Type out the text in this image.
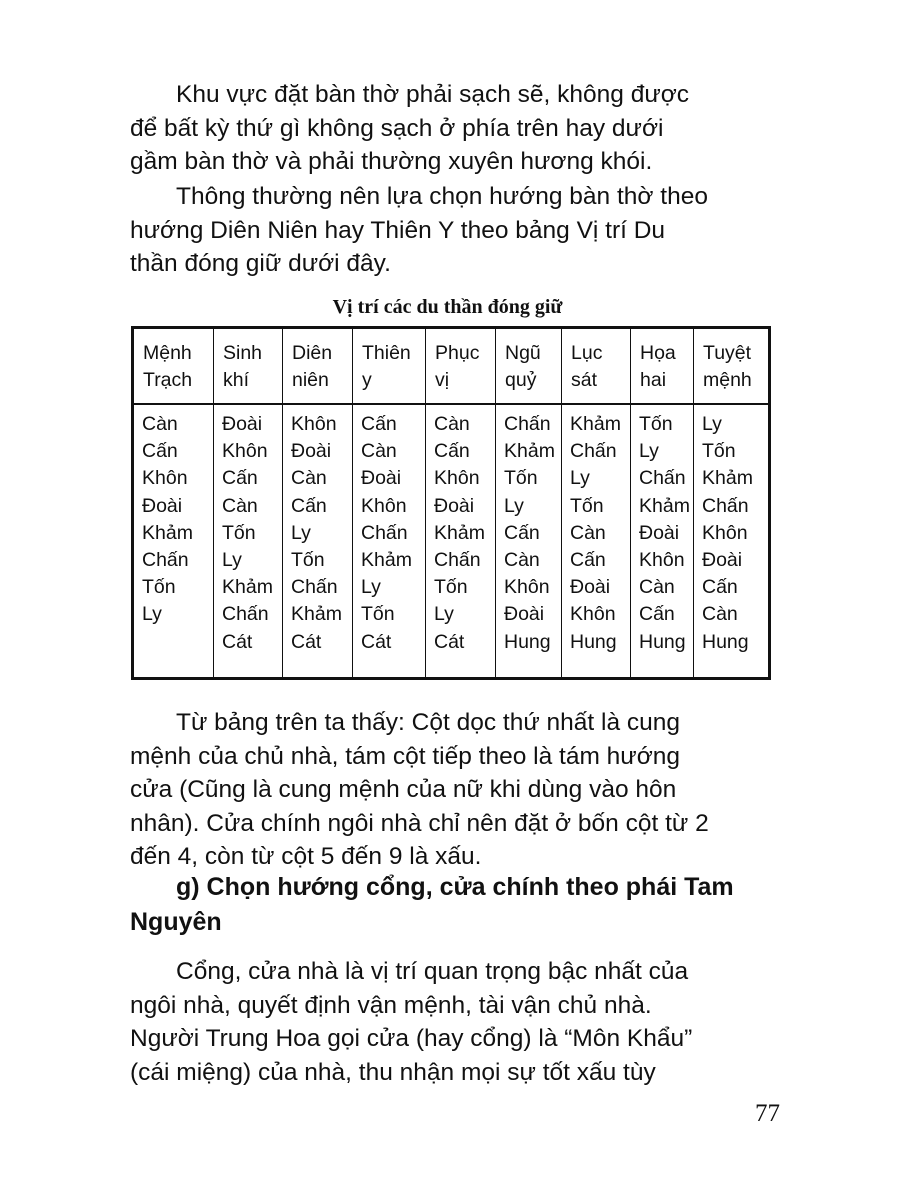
Khu vực đặt bàn thờ phải sạch sẽ, không được
để bất kỳ thứ gì không sạch ở phía trên hay dưới
gầm bàn thờ và phải thường xuyên hương khói.

Thông thường nên lựa chọn hướng bàn thờ theo
hướng Diên Niên hay Thiên Y theo bảng Vị trí Du
thần đóng giữ dưới đây.

Vị trí các du thần đóng giữ
Mệnh
Trạch
Càn
Cấn
Khôn
Đoài
Khảm
Chấn
Tốn
Ly
Sinh
khí
Đoài
Khôn
Cấn
Càn
Tốn
Ly
Khảm
Chấn
Cát
Diên
niên
Khôn
Đoài
Càn
Cấn
Ly
Tốn
Chấn
Khảm
Cát
Thiên
y
Cấn
Càn
Đoài
Khôn
Chấn
Khảm
Ly
Tốn
Cát
Phục
vị
Càn
Cấn
Khôn
Đoài
Khảm
Chấn
Tốn
Ly
Cát
Ngũ
quỷ
Chấn
Khảm
Tốn
Ly
Cấn
Càn
Khôn
Đoài
Hung
Lục
sát
Khảm
Chấn
Ly
Tốn
Càn
Cấn
Đoài
Khôn
Hung
Họa
hai
Tốn
Ly
Chấn
Khảm
Đoài
Khôn
Càn
Cấn
Hung
Tuyệt
mệnh
Ly
Tốn
Khảm
Chấn
Khôn
Đoài
Cấn
Càn
Hung

Từ bảng trên ta thấy: Cột dọc thứ nhất là cung
mệnh của chủ nhà, tám cột tiếp theo là tám hướng
cửa (Cũng là cung mệnh của nữ khi dùng vào hôn
nhân). Cửa chính ngôi nhà chỉ nên đặt ở bốn cột từ 2
đến 4, còn từ cột 5 đến 9 là xấu.

g) Chọn hướng cổng, cửa chính theo phái Tam
Nguyên

Cổng, cửa nhà là vị trí quan trọng bậc nhất của
ngôi nhà, quyết định vận mệnh, tài vận chủ nhà.
Người Trung Hoa gọi cửa (hay cổng) là “Môn Khẩu”
(cái miệng) của nhà, thu nhận mọi sự tốt xấu tùy

77
